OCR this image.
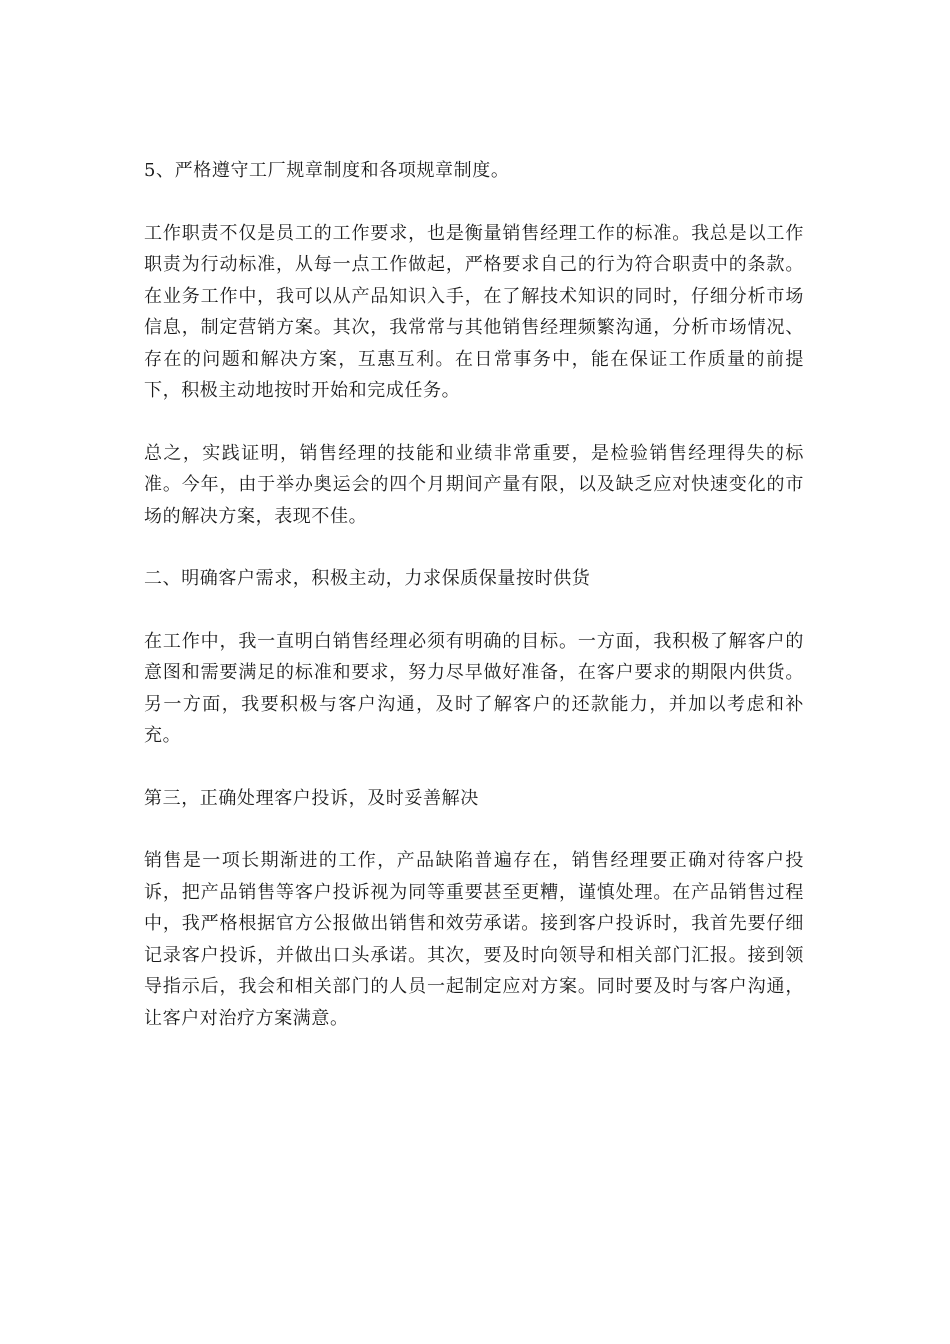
5、严格遵守工厂规章制度和各项规章制度。

工作职责不仅是员工的工作要求，也是衡量销售经理工作的标准。我总是以工作职责为行动标准，从每一点工作做起，严格要求自己的行为符合职责中的条款。在业务工作中，我可以从产品知识入手，在了解技术知识的同时，仔细分析市场信息，制定营销方案。其次，我常常与其他销售经理频繁沟通，分析市场情况、存在的问题和解决方案，互惠互利。在日常事务中，能在保证工作质量的前提下，积极主动地按时开始和完成任务。

总之，实践证明，销售经理的技能和业绩非常重要，是检验销售经理得失的标准。今年，由于举办奥运会的四个月期间产量有限，以及缺乏应对快速变化的市场的解决方案，表现不佳。

二、明确客户需求，积极主动，力求保质保量按时供货

在工作中，我一直明白销售经理必须有明确的目标。一方面，我积极了解客户的意图和需要满足的标准和要求，努力尽早做好准备，在客户要求的期限内供货。另一方面，我要积极与客户沟通，及时了解客户的还款能力，并加以考虑和补充。

第三，正确处理客户投诉，及时妥善解决

销售是一项长期渐进的工作，产品缺陷普遍存在，销售经理要正确对待客户投诉，把产品销售等客户投诉视为同等重要甚至更糟，谨慎处理。在产品销售过程中，我严格根据官方公报做出销售和效劳承诺。接到客户投诉时，我首先要仔细记录客户投诉，并做出口头承诺。其次，要及时向领导和相关部门汇报。接到领导指示后，我会和相关部门的人员一起制定应对方案。同时要及时与客户沟通，让客户对治疗方案满意。
